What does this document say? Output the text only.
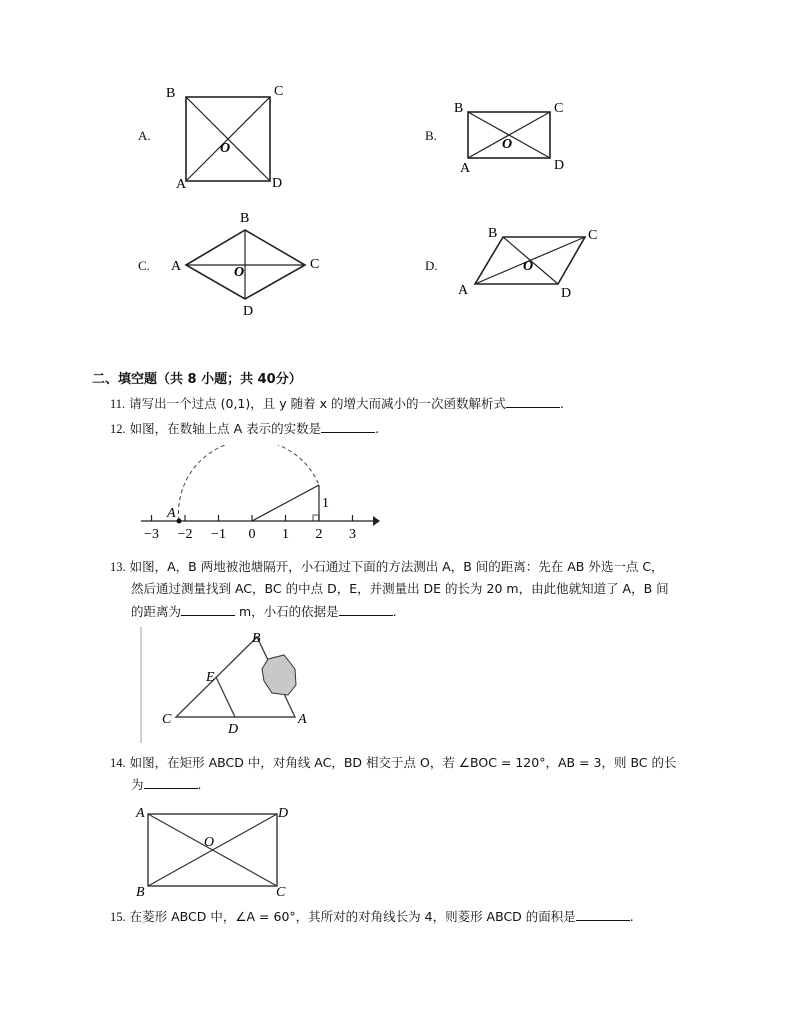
A.
B	C
A	D
O
B.
B	C
A	D
O
C.
B
A	C
D
O	D.
B	C
A	D
O
二、填空题（共 8 小题；共 40分）
11. 请写出一个过点 (0,1)，且 y 随着 x 的增大而减小的一次函数解析式	.
12. 如图，在数轴上点 A 表示的实数是	.
−3 −2 −1 0 1 2 3
A
1
13. 如图，A，B 两地被池塘隔开，小石通过下面的方法测出 A，B 间的距离：先在 AB 外选一点 C，
然后通过测量找到 AC，BC 的中点 D，E，并测量出 DE 的长为 20 m，由此他就知道了 A，B 间
的距离为	m，小石的依据是	.
B
E
C
D
A
14. 如图，在矩形 ABCD 中，对角线 AC，BD 相交于点 O，若 ∠BOC = 120°，AB = 3，则 BC 的长
为	.
A	D
B	C
O
15. 在菱形 ABCD 中，∠A = 60°，其所对的对角线长为 4，则菱形 ABCD 的面积是	.
